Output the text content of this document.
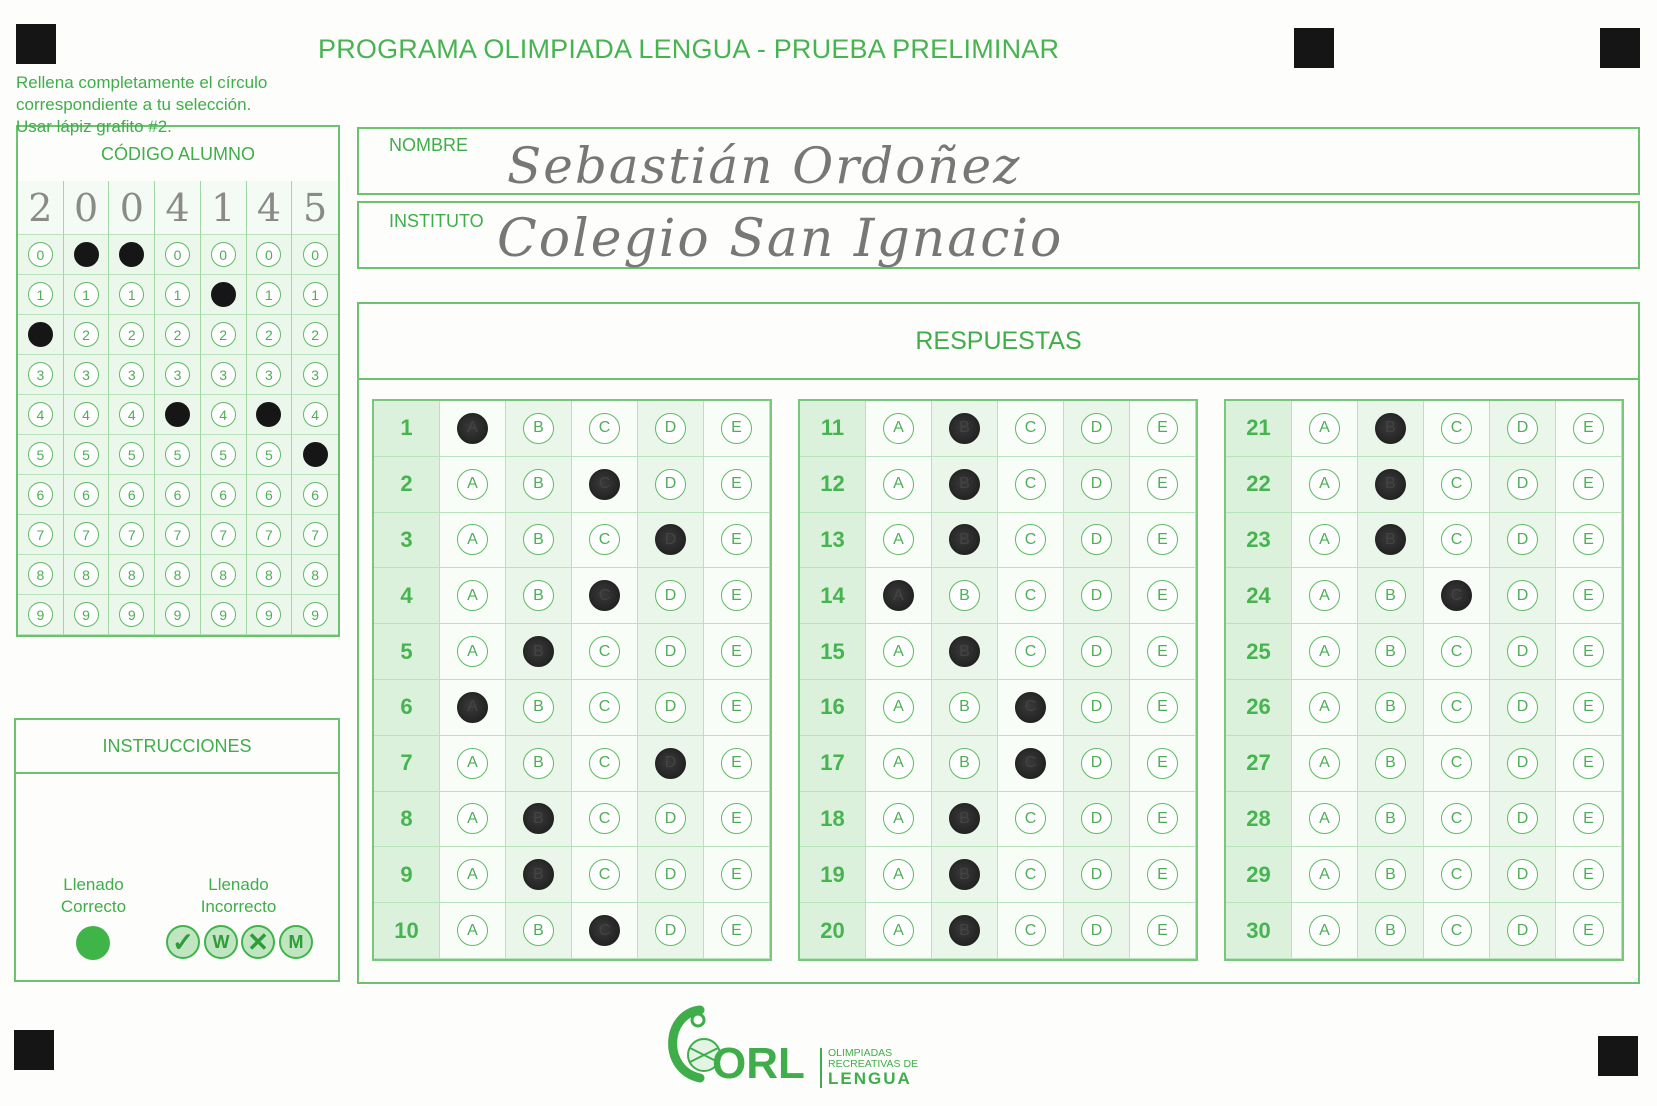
PROGRAMA OLIMPIADA LENGUA - PRUEBA PRELIMINAR
CÓDIGO ALUMNO
2 0 0 4 1 4 5
0	0	0	0	0	0	0
1	1	1	1	1	1	1
2	2	2	2	2	2	2
3	3	3	3	3	3	3
4	4	4	4	4	4	4
5	5	5	5	5	5	5
6	6	6	6	6	6	6
7	7	7	7	7	7	7
8	8	8	8	8	8	8
9	9	9	9	9	9	9
NOMBRE Sebastián Ordoñez
INSTITUTO Colegio San Ignacio
RESPUESTAS
1	A	B	C	D	E
2	A	B	C	D	E
3	A	B	C	D	E
4	A	B	C	D	E
5	A	B	C	D	E
6	A	B	C	D	E
7	A	B	C	D	E
8	A	B	C	D	E
9	A	B	C	D	E
10	A	B	C	D	E
11	A	B	C	D	E
12	A	B	C	D	E
13	A	B	C	D	E
14	A	B	C	D	E
15	A	B	C	D	E
16	A	B	C	D	E
17	A	B	C	D	E
18	A	B	C	D	E
19	A	B	C	D	E
20	A	B	C	D	E
21	A	B	C	D	E
22	A	B	C	D	E
23	A	B	C	D	E
24	A	B	C	D	E
25	A	B	C	D	E
26	A	B	C	D	E
27	A	B	C	D	E
28	A	B	C	D	E
29	A	B	C	D	E
30	A	B	C	D	E
INSTRUCCIONES
Rellena completamente el círculo
correspondiente a tu selección.
Usar lápiz grafito #2.
Llenado
Correcto
Llenado
Incorrecto
✓	W ✕	M
ORL OLIMPIADAS
RECREATIVAS DE
LENGUA
